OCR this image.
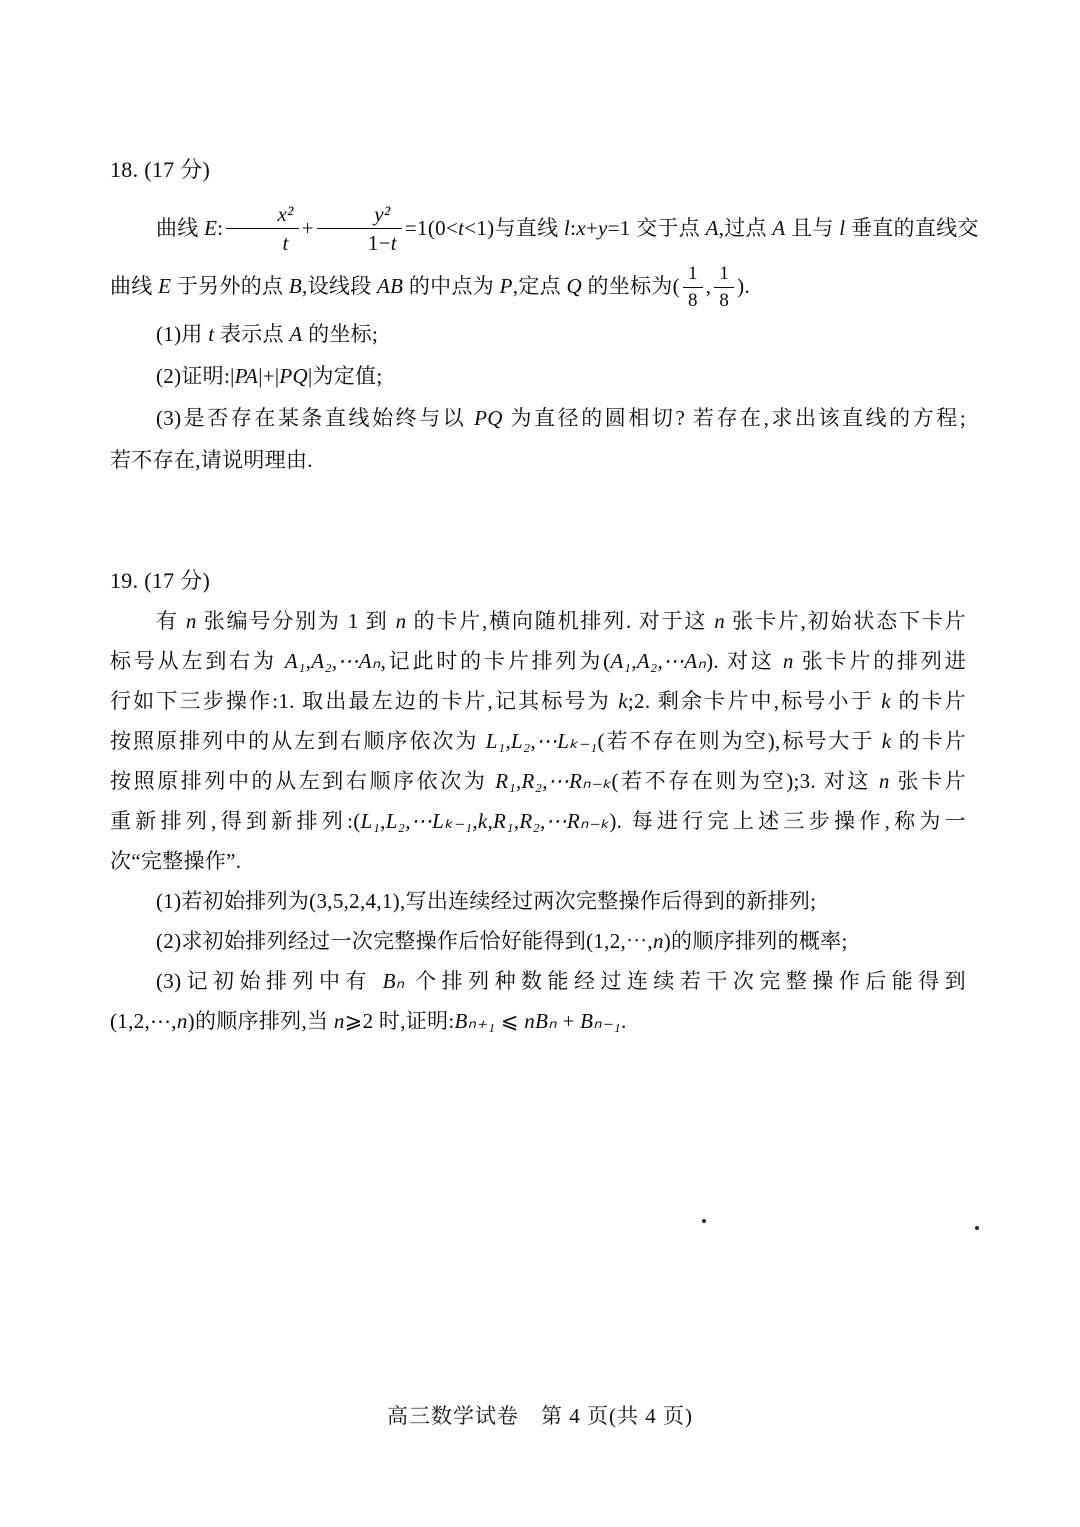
18. (17 分)
曲线 E: $\frac{\text{x²}}{t} + \frac{\text{y²}}{1-t} =1(0<t<1)$与直线 l:x+y=1 交于点 A,过点 A 且与 l 垂直的直线交
曲线 E 于另外的点 B,设线段 AB 的中点为 P,定点 Q 的坐标为( $\frac{1}{8}$ , $\frac{1}{8}$ ).
(1)用 t 表示点 A 的坐标;
(2)证明:|PA|+|PQ|为定值;
(3)是否存在某条直线始终与以 PQ 为直径的圆相切? 若存在,求出该直线的方程;
若不存在,请说明理由.
19. (17 分)
有 n 张编号分别为 1 到 n 的卡片,横向随机排列. 对于这 n 张卡片,初始状态下卡片
标号从左到右为 A₁,A₂,⋯Aₙ,记此时的卡片排列为(A₁,A₂,⋯Aₙ). 对这 n 张卡片的排列进
行如下三步操作:1. 取出最左边的卡片,记其标号为 k;2. 剩余卡片中,标号小于 k 的卡片
按照原排列中的从左到右顺序依次为 L₁,L₂,⋯Lₖ₋₁(若不存在则为空),标号大于 k 的卡片
按照原排列中的从左到右顺序依次为 R₁,R₂,⋯Rₙ₋ₖ(若不存在则为空);3. 对这 n 张卡片
重新排列,得到新排列:(L₁,L₂,⋯Lₖ₋₁,k,R₁,R₂,⋯Rₙ₋ₖ). 每进行完上述三步操作,称为一
次“完整操作”.
(1)若初始排列为(3,5,2,4,1),写出连续经过两次完整操作后得到的新排列;
(2)求初始排列经过一次完整操作后恰好能得到(1,2,⋯,n)的顺序排列的概率;
(3)记初始排列中有 Bₙ 个排列种数能经过连续若干次完整操作后能得到
(1,2,⋯,n)的顺序排列,当 n⩾2 时,证明:Bₙ₊₁ ⩽ nBₙ + Bₙ₋₁.
高三数学试卷 第 4 页(共 4 页)
